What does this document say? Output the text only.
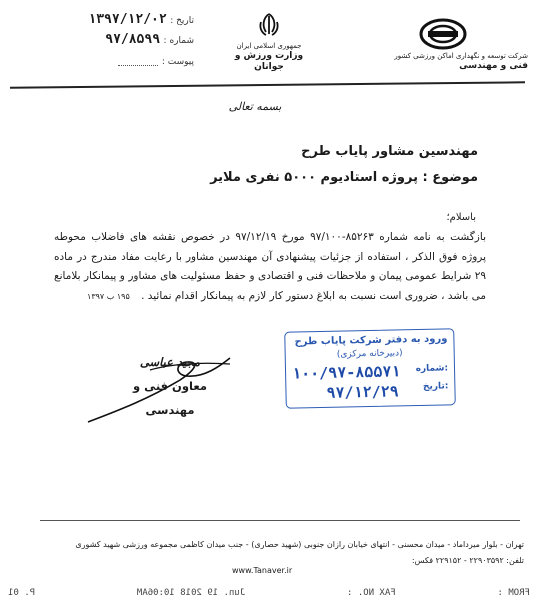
تاریخ : ۱۳۹۷/۱۲/۰۲
شماره : ۹۷/۸۵۹۹
پیوست :
جمهوری اسلامی ایران
وزارت ورزش و جوانان
شرکت توسعه و نگهداری اماکن ورزشی کشور
فنی و مهندسی
بسمه تعالی
مهندسین مشاور پایاب طرح
موضوع : پروژه استادیوم ۵۰۰۰ نفری ملایر
باسلام؛
بازگشت به نامه شماره ۸۵۲۶۳-۹۷/۱۰۰ مورخ ۹۷/۱۲/۱۹ در خصوص نقشه های فاضلاب محوطه پروژه فوق الذکر ، استفاده از جزئیات پیشنهادی آن مهندسین مشاور با رعایت مفاد مندرج در ماده ۲۹ شرایط عمومی پیمان و ملاحظات فنی و اقتصادی و حفظ مسئولیت های مشاور و پیمانکار بلامانع می باشد ، ضروری است نسبت به ابلاغ دستور کار لازم به پیمانکار اقدام نمائید . ۱۹۵ ب ۱۳۹۷
مجید عباسی
معاون فنی و مهندسی
ورود به دفتر شرکت پایاب طرح
(دبیرخانه مرکزی)
شماره:
۱۰۰/۹۷-۸۵۵۷۱
تاریخ:
۹۷/۱۲/۲۹
تهران - بلوار میرداماد - میدان محسنی - انتهای خیابان رازان جنوبی (شهید حصاری) - جنب میدان کاظمی مجموعه ورزشی شهید کشوری
تلفن: ۲۲۹۰۳۵۹۲ - ۲۲۹۱۵۲ فکس:
www.Tanaver.ir
FROM :
FAX NO. :
Jun. 19 2018 10:06AM
P. 01
